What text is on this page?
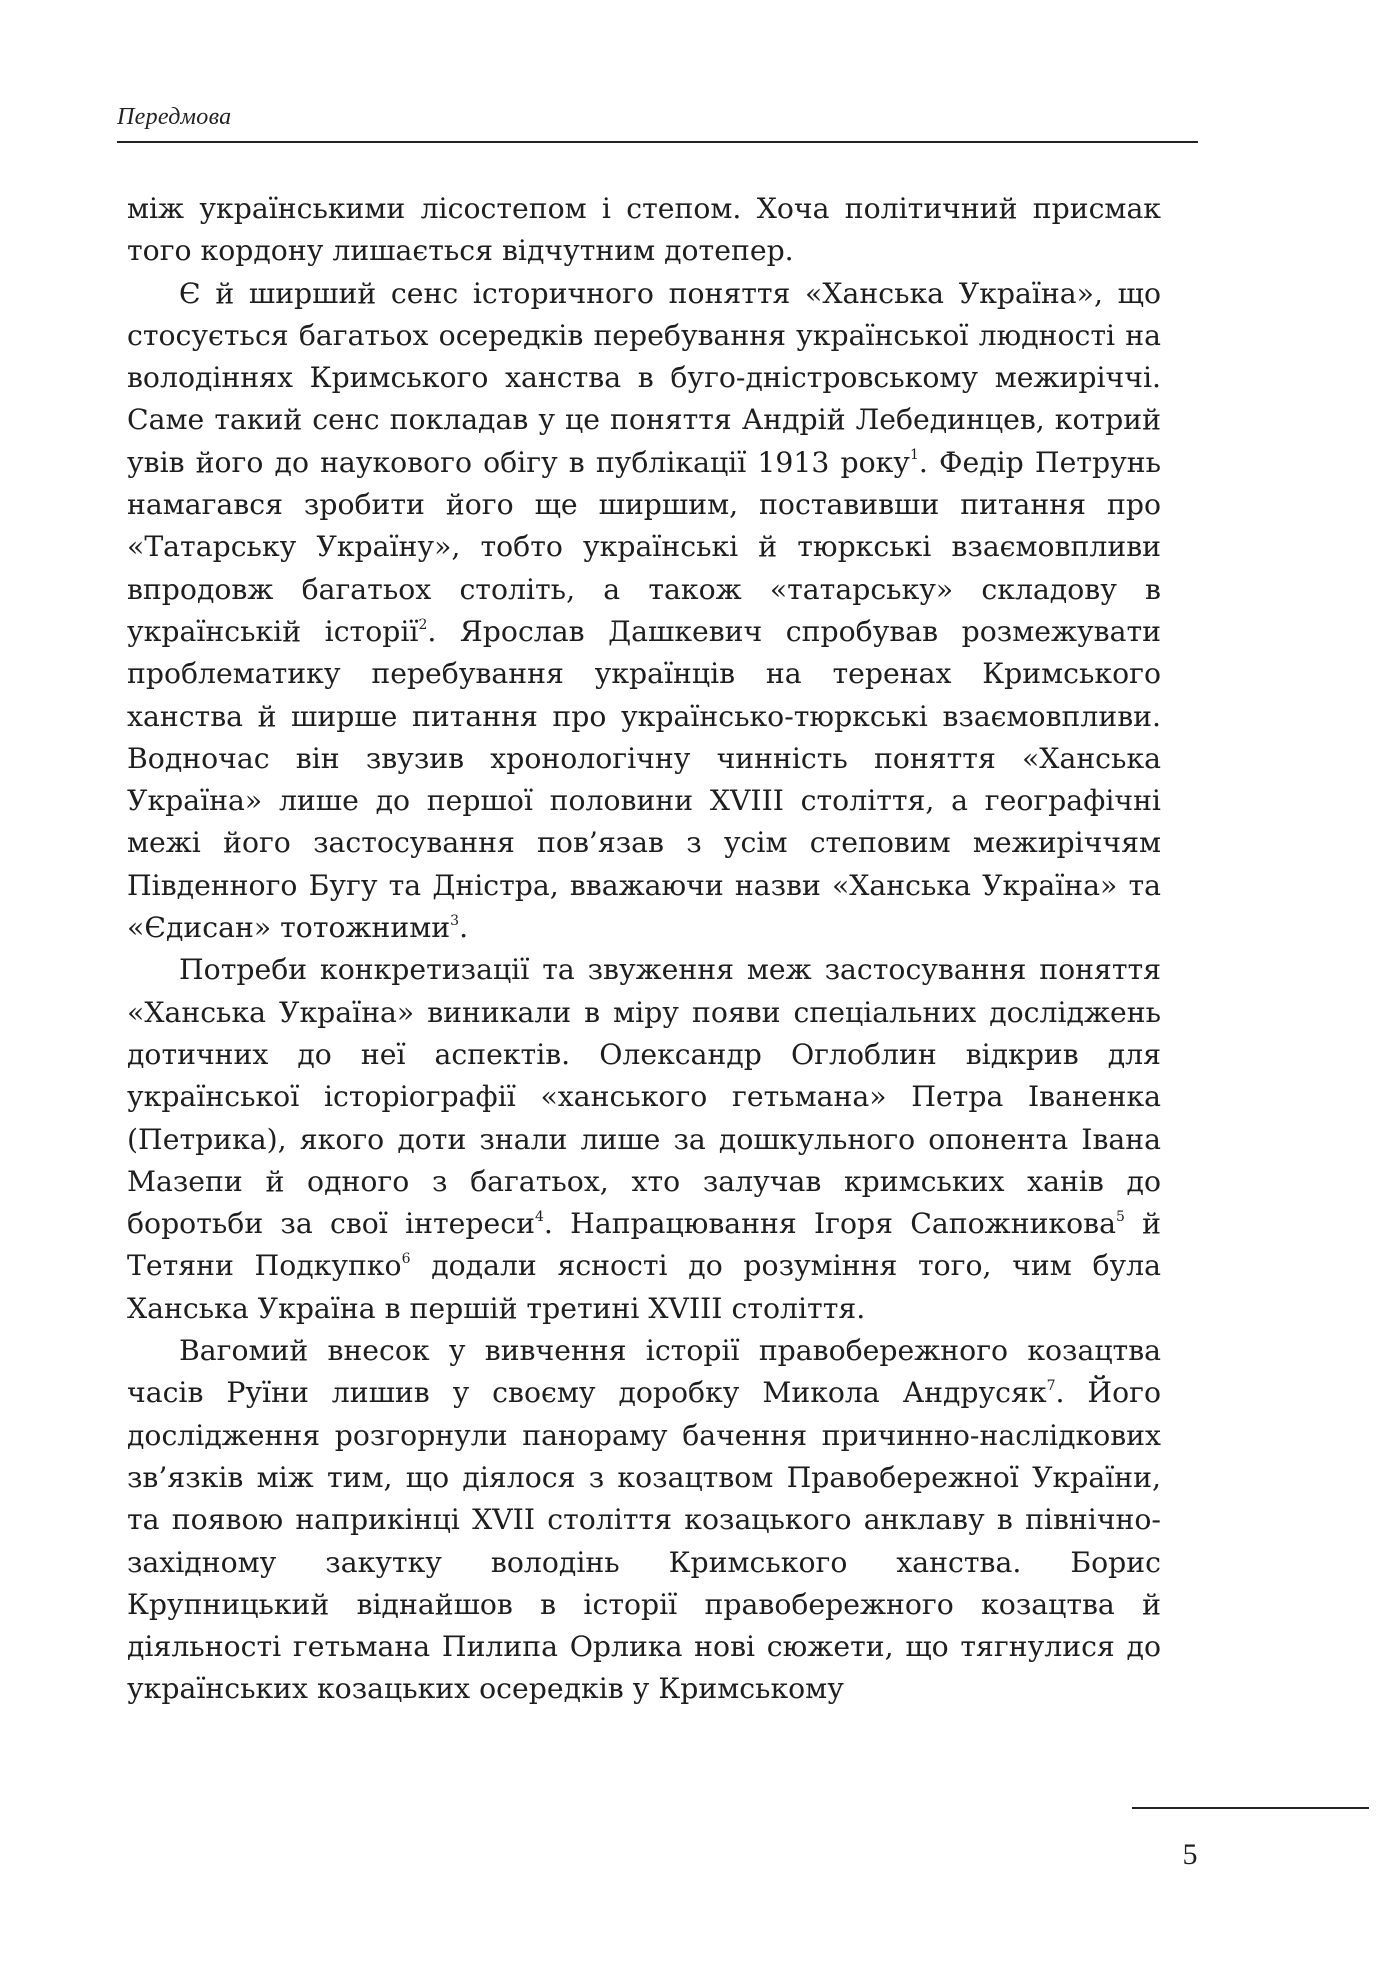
Передмова

між українськими лісостепом і степом. Хоча політичний присмак того кордону лишається відчутним дотепер.

Є й ширший сенс історичного поняття «Ханська Україна», що стосується багатьох осередків перебування української людності на володіннях Кримського ханства в буго-дністровському межиріччі. Саме такий сенс покладав у це поняття Андрій Лебединцев, котрий увів його до наукового обігу в публікації 1913 року$^1$. Федір Петрунь намагався зробити його ще ширшим, поставивши питання про «Татарську Україну», тобто українські й тюркські взаємовпливи впродовж багатьох століть, а також «татарську» складову в українській історії$^2$. Ярослав Дашкевич спробував розмежувати проблематику перебування українців на теренах Кримського ханства й ширше питання про українсько-тюркські взаємовпливи. Водночас він звузив хронологічну чинність поняття «Ханська Україна» лише до першої половини XVIII століття, а географічні межі його застосування пов’язав з усім степовим межиріччям Південного Бугу та Дністра, вважаючи назви «Ханська Україна» та «Єдисан» тотожними$^3$.

Потреби конкретизації та звуження меж застосування поняття «Ханська Україна» виникали в міру появи спеціальних досліджень дотичних до неї аспектів. Олександр Оглоблин відкрив для української історіографії «ханського гетьмана» Петра Іваненка (Петрика), якого доти знали лише за дошкульного опонента Івана Мазепи й одного з багатьох, хто залучав кримських ханів до боротьби за свої інтереси$^4$. Напрацювання Ігоря Сапожникова$^5$ й Тетяни Подкупко$^6$ додали ясності до розуміння того, чим була Ханська Україна в першій третині XVIII століття.

Вагомий внесок у вивчення історії правобережного козацтва часів Руїни лишив у своєму доробку Микола Андрусяк$^7$. Його дослідження розгорнули панораму бачення причинно-наслідкових зв’язків між тим, що діялося з козацтвом Правобережної України, та появою наприкінці XVII століття козацького анклаву в північно-західному закутку володінь Кримського ханства. Борис Крупницький віднайшов в історії правобережного козацтва й діяльності гетьмана Пилипа Орлика нові сюжети, що тягнулися до українських козацьких осередків у Кримському

5
